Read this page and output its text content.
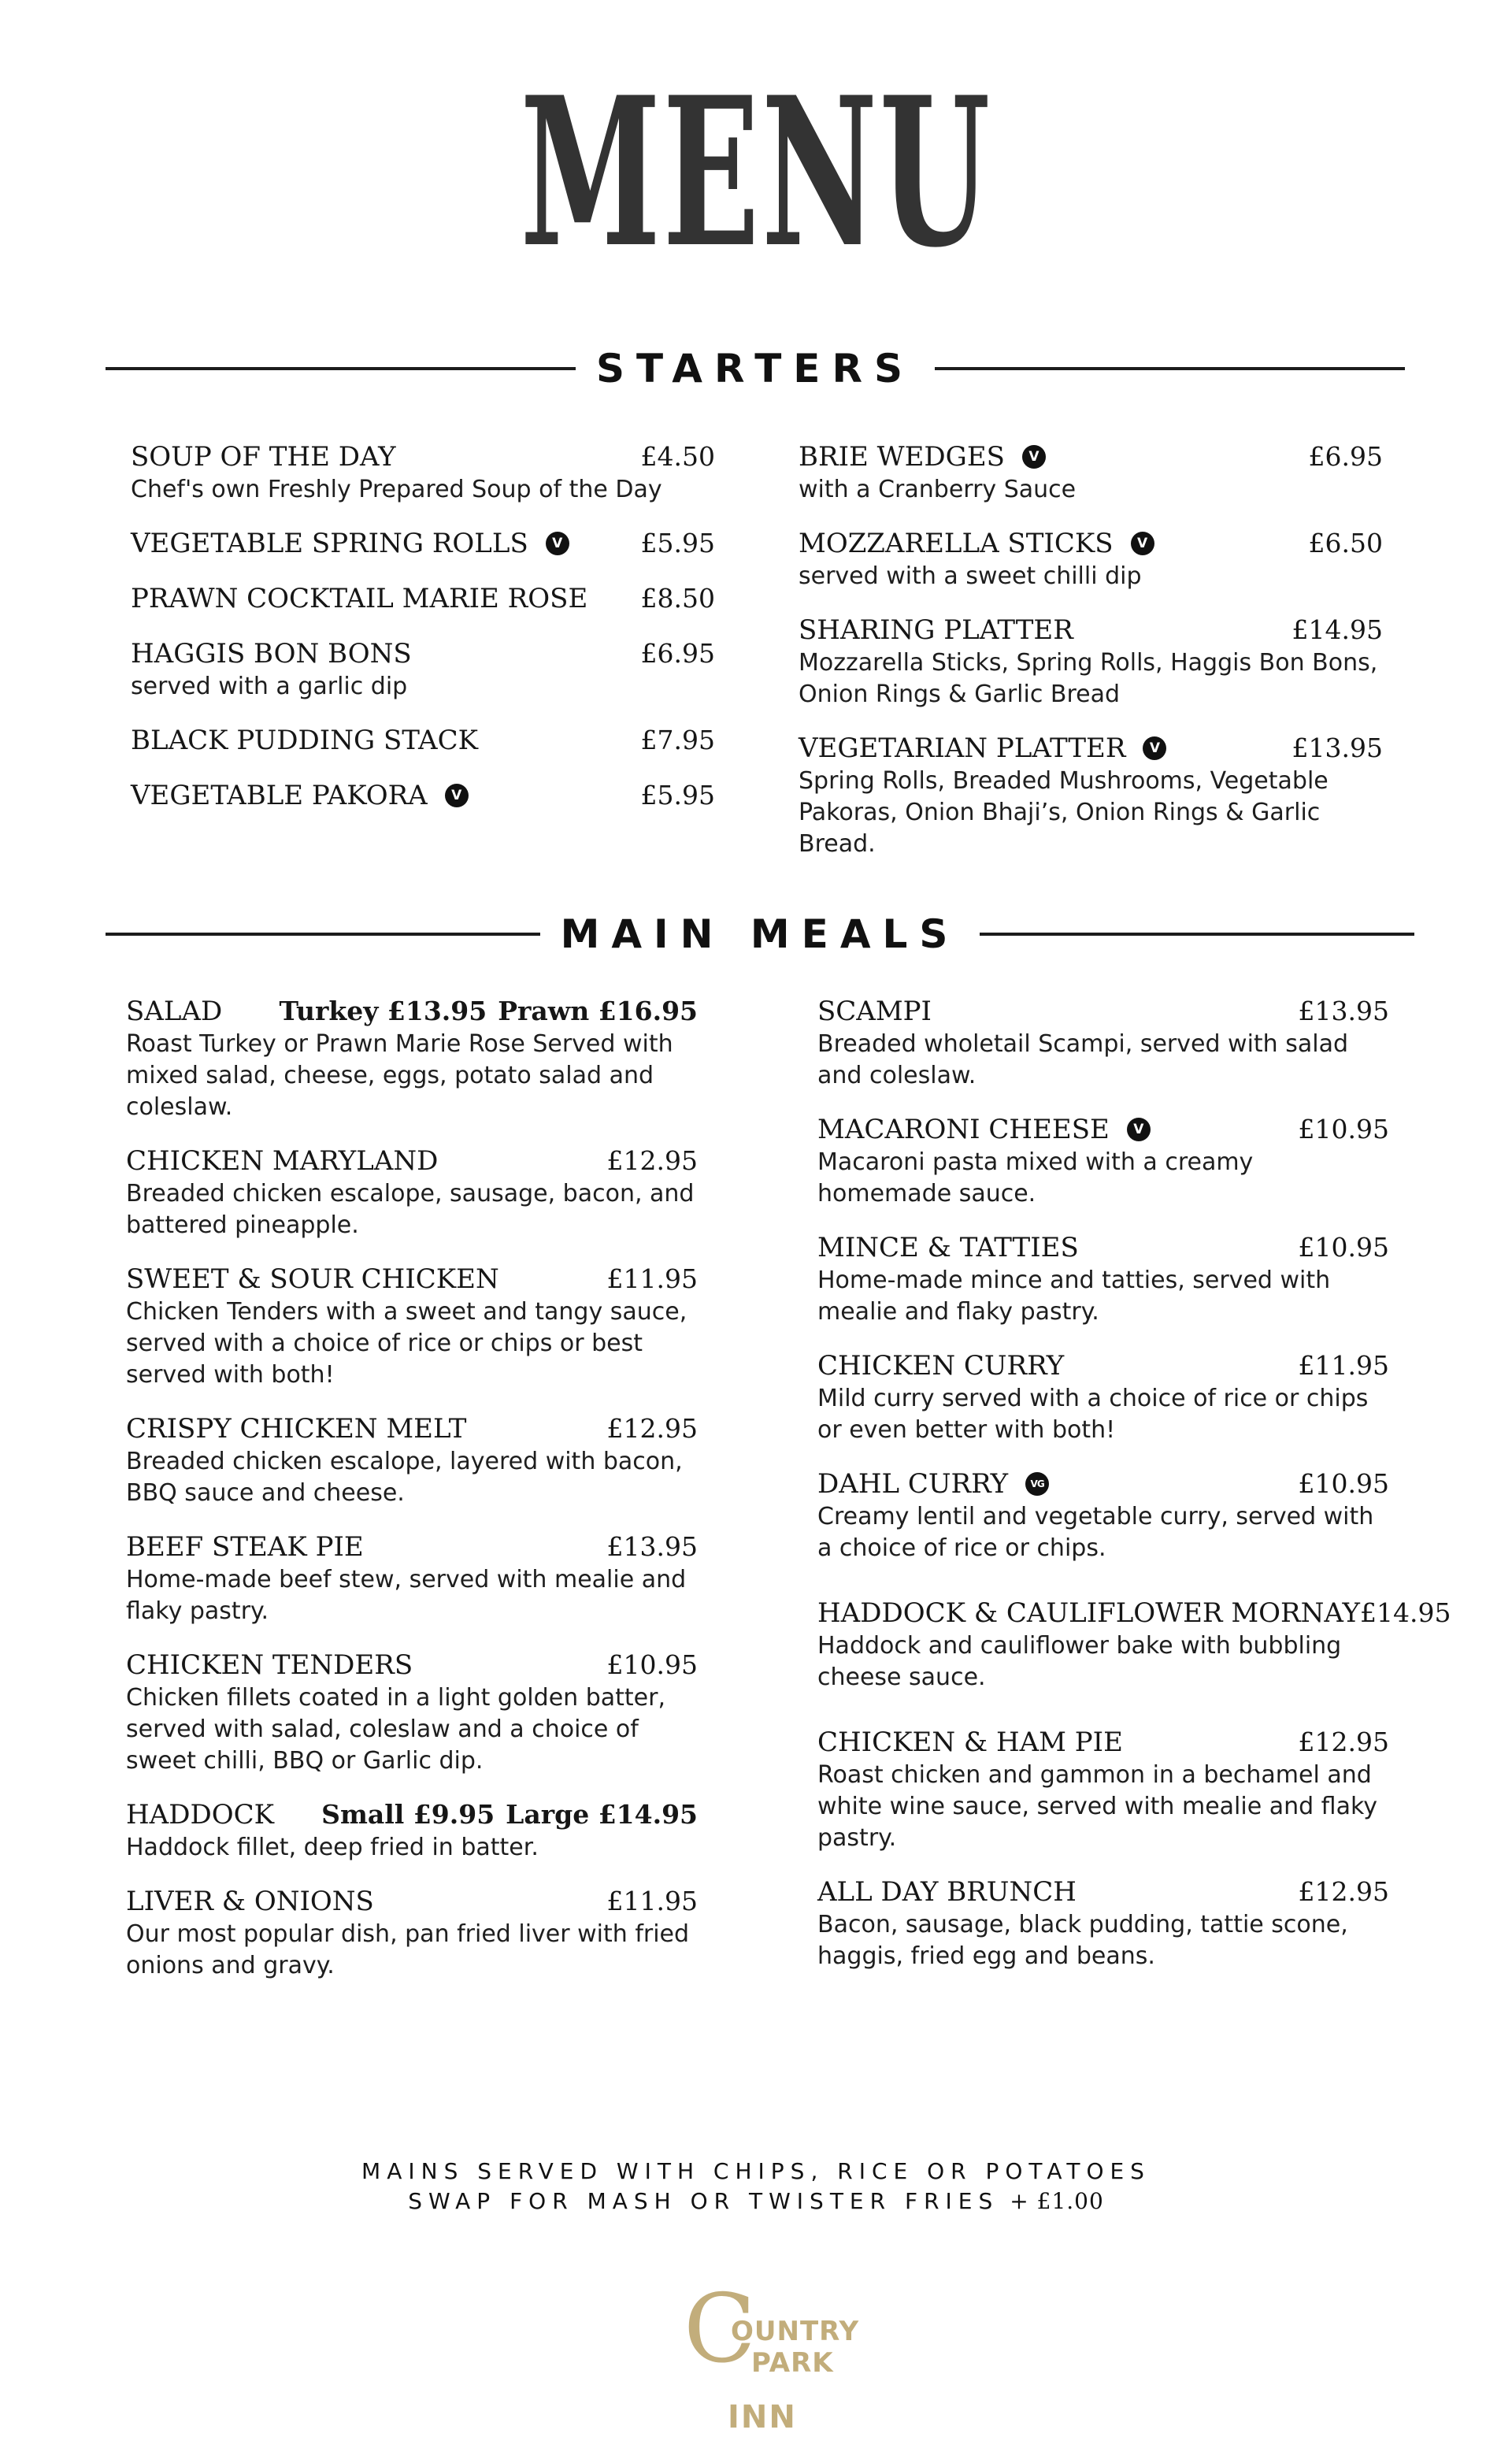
MENU
STARTERS
SOUP OF THE DAY	£4.50
Chef's own Freshly Prepared Soup of the Day
VEGETABLE SPRING ROLLS	V	£5.95
PRAWN COCKTAIL MARIE ROSE £8.50
HAGGIS BON BONS	£6.95
served with a garlic dip
BLACK PUDDING STACK	£7.95
VEGETABLE PAKORA	V	£5.95
BRIE WEDGES	V	£6.95
with a Cranberry Sauce
MOZZARELLA STICKS	V	£6.50
served with a sweet chilli dip
SHARING PLATTER	£14.95
Mozzarella Sticks, Spring Rolls, Haggis Bon Bons, Onion Rings & Garlic Bread
VEGETARIAN PLATTER	V	£13.95
Spring Rolls, Breaded Mushrooms, Vegetable Pakoras, Onion Bhaji’s, Onion Rings & Garlic Bread.
MAIN MEALS
SALAD Turkey £13.95 Prawn £16.95
Roast Turkey or Prawn Marie Rose Served with mixed salad, cheese, eggs, potato salad and coleslaw.
CHICKEN MARYLAND	£12.95
Breaded chicken escalope, sausage, bacon, and battered pineapple.
SWEET & SOUR CHICKEN	£11.95
Chicken Tenders with a sweet and tangy sauce, served with a choice of rice or chips or best served with both!
CRISPY CHICKEN MELT	£12.95
Breaded chicken escalope, layered with bacon, BBQ sauce and cheese.
BEEF STEAK PIE	£13.95
Home-made beef stew, served with mealie and flaky pastry.
CHICKEN TENDERS	£10.95
Chicken fillets coated in a light golden batter, served with salad, coleslaw and a choice of sweet chilli, BBQ or Garlic dip.
HADDOCK Small £9.95 Large £14.95
Haddock fillet, deep fried in batter.
LIVER & ONIONS	£11.95
Our most popular dish, pan fried liver with fried onions and gravy.
SCAMPI	£13.95
Breaded wholetail Scampi, served with salad and coleslaw.
MACARONI CHEESE	V	£10.95
Macaroni pasta mixed with a creamy homemade sauce.
MINCE & TATTIES	£10.95
Home-made mince and tatties, served with mealie and flaky pastry.
CHICKEN CURRY	£11.95
Mild curry served with a choice of rice or chips or even better with both!
DAHL CURRY	VG	£10.95
Creamy lentil and vegetable curry, served with a choice of rice or chips.
HADDOCK & CAULIFLOWER MORNAY £14.95
Haddock and cauliflower bake with bubbling cheese sauce.
CHICKEN & HAM PIE	£12.95
Roast chicken and gammon in a bechamel and white wine sauce, served with mealie and flaky pastry.
ALL DAY BRUNCH	£12.95
Bacon, sausage, black pudding, tattie scone, haggis, fried egg and beans.
MAINS SERVED WITH CHIPS, RICE OR POTATOES
SWAP FOR MASH OR TWISTER FRIES + £1.00
C
OUNTRY
PARK
INN
